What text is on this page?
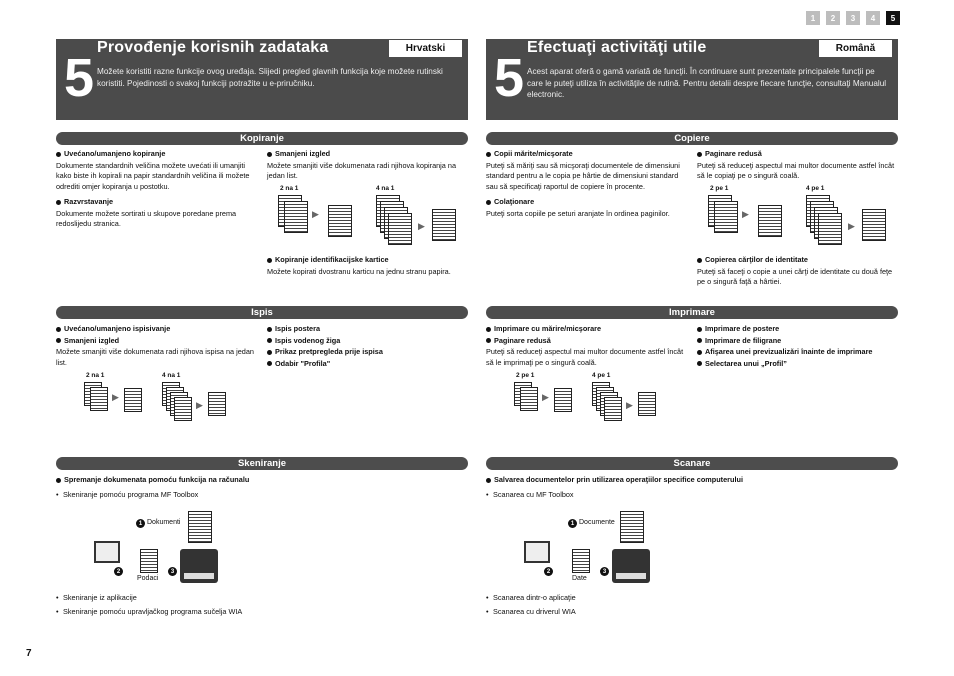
1	2	3	4	5
5
Provođenje korisnih zadataka	Hrvatski
Možete koristiti razne funkcije ovog uređaja. Slijedi pregled glavnih funkcija koje možete rutinski koristiti. Pojedinosti o svakoj funkciji potražite u e-priručniku.
Kopiranje
Uvećano/umanjeno kopiranje
Dokumente standardnih veličina možete uvećati ili umanjiti kako biste ih kopirali na papir standardnih veličina ili možete odrediti omjer kopiranja u postotku.
Razvrstavanje
Dokumente možete sortirati u skupove poredane prema redoslijedu stranica.
Smanjeni izgled
Možete smanjiti više dokumenata radi njihova kopiranja na jedan list.
2 na 1	4 na 1
▶
▶
Kopiranje identifikacijske kartice
Možete kopirati dvostranu karticu na jednu stranu papira.
Ispis
Uvećano/umanjeno ispisivanje
Smanjeni izgled
Možete smanjiti više dokumenata radi njihova ispisa na jedan list.
2 na 1	4 na 1
▶
▶
Ispis postera
Ispis vodenog žiga
Prikaz pretpregleda prije ispisa
Odabir "Profila"
Skeniranje
Spremanje dokumenata pomoću funkcija na računalu
• Skeniranje pomoću programa MF Toolbox
1 Dokumenti
2
Podaci
3
• Skeniranje iz aplikacije
• Skeniranje pomoću upravljačkog programa sučelja WIA
5
Efectuaţi activităţi utile	Română
Acest aparat oferă o gamă variată de funcţii. În continuare sunt prezentate principalele funcţii pe care le puteţi utiliza în activităţile de rutină. Pentru detalii despre fiecare funcţie, consultaţi Manualul electronic.
Copiere
Copii mărite/micşorate
Puteţi să măriţi sau să micşoraţi documentele de dimensiuni standard pentru a le copia pe hârtie de dimensiuni standard sau să specificaţi raportul de copiere în procente.
Colaţionare
Puteţi sorta copiile pe seturi aranjate în ordinea paginilor.
Paginare redusă
Puteţi să reduceţi aspectul mai multor documente astfel încât să le copiaţi pe o singură coală.
2 pe 1	4 pe 1
▶
▶
Copierea cărţilor de identitate
Puteţi să faceţi o copie a unei cărţi de identitate cu două feţe pe o singură faţă a hârtiei.
Imprimare
Imprimare cu mărire/micşorare
Paginare redusă
Puteţi să reduceţi aspectul mai multor documente astfel încât să le imprimaţi pe o singură coală.
2 pe 1	4 pe 1
▶
▶
Imprimare de postere
Imprimare de filigrane
Afişarea unei previzualizări înainte de imprimare
Selectarea unui „Profil”
Scanare
Salvarea documentelor prin utilizarea operaţiilor specifice computerului
• Scanarea cu MF Toolbox
1 Documente
2
Date
3
• Scanarea dintr-o aplicaţie
• Scanarea cu driverul WIA
7
